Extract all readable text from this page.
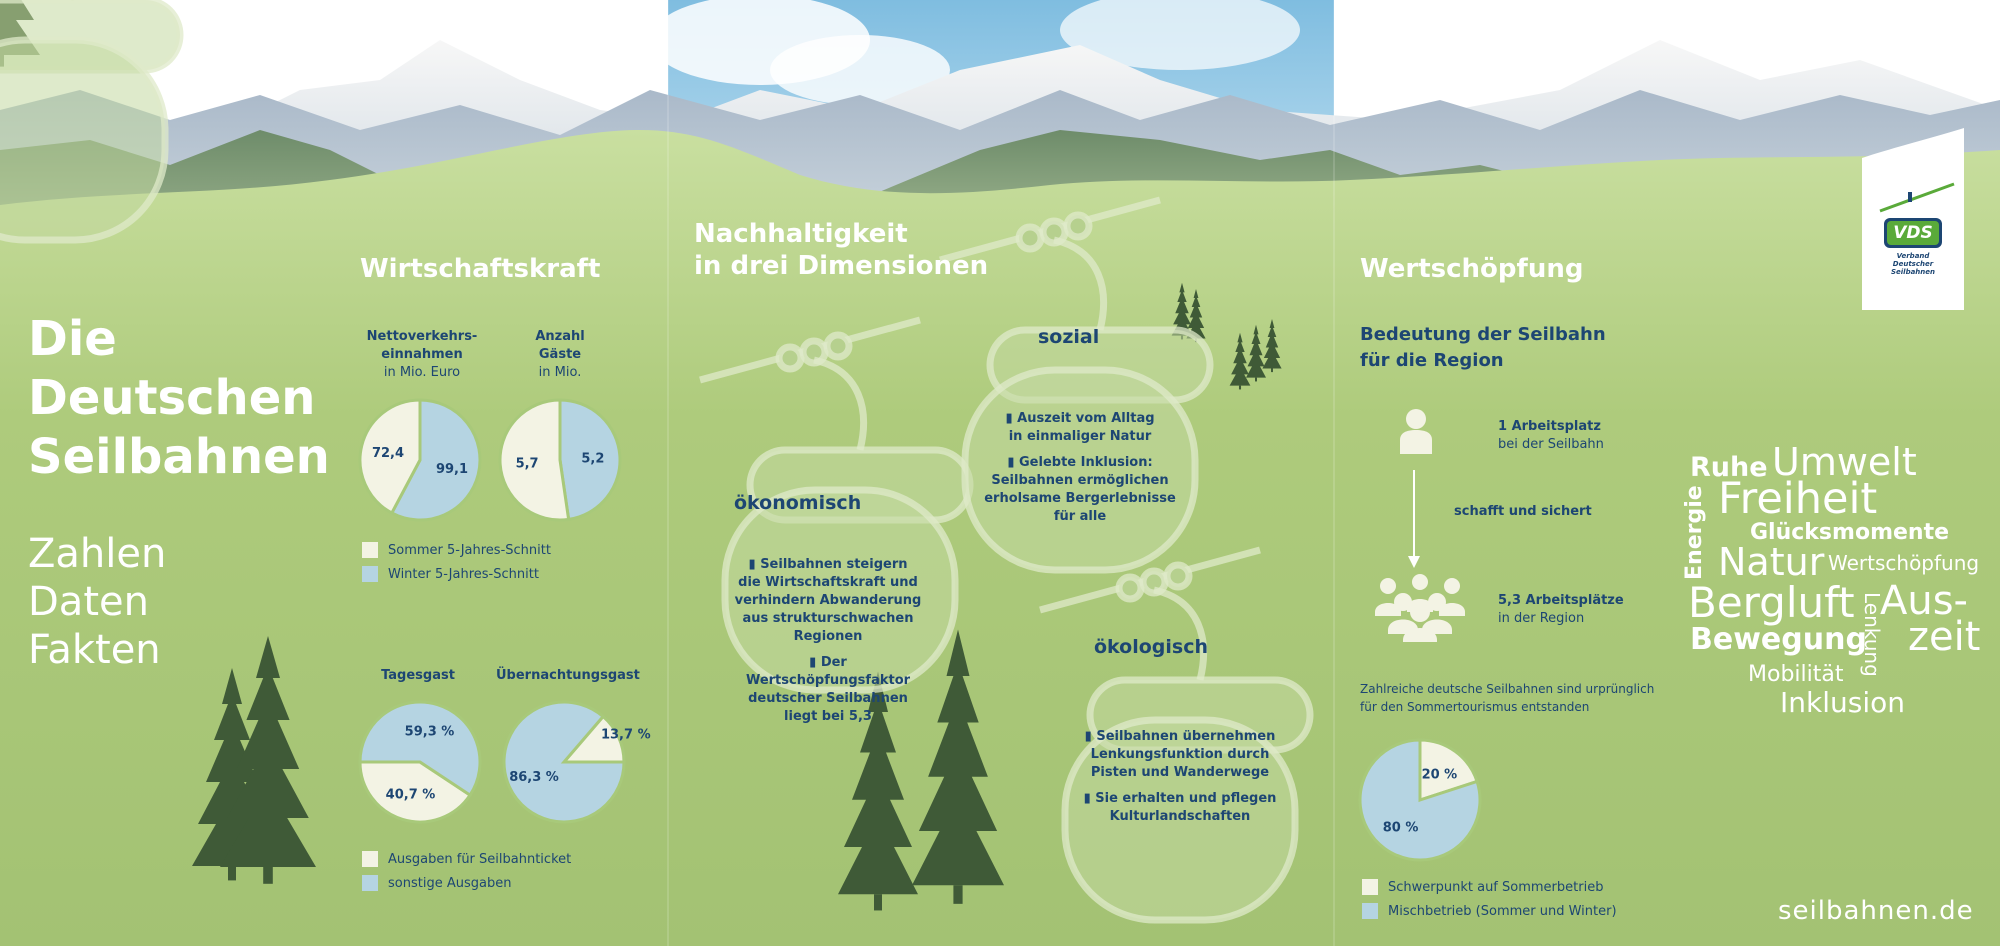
Die
Deutschen
Seilbahnen
Zahlen
Daten
Fakten
Wirtschaftskraft
Nettoverkehrs-
einnahmen
in Mio. Euro
Anzahl
Gäste
in Mio.
99,1
72,4	5,2
5,7
40,7 %
59,3 %	13,7 %
86,3 %
Sommer 5-Jahres-Schnitt
Winter 5-Jahres-Schnitt
Tagesgast	Übernachtungsgast
Ausgaben für Seilbahnticket
sonstige Ausgaben
Nachhaltigkeit
in drei Dimensionen
sozial
▮ Auszeit vom Alltag
in einmaliger Natur
▮ Gelebte Inklusion:
Seilbahnen ermöglichen
erholsame Bergerlebnisse
für alle
ökonomisch
▮ Seilbahnen steigern
die Wirtschaftskraft und
verhindern Abwanderung
aus strukturschwachen
Regionen
▮ Der Wertschöpfungsfaktor
deutscher Seilbahnen
liegt bei 5,3
ökologisch
▮ Seilbahnen übernehmen
Lenkungsfunktion durch
Pisten und Wanderwege
▮ Sie erhalten und pflegen
Kulturlandschaften
Wertschöpfung
Bedeutung der Seilbahn
für die Region
1 Arbeitsplatz
bei der Seilbahn
schafft und sichert
5,3 Arbeitsplätze
in der Region
Zahlreiche deutsche Seilbahnen sind urprünglich
für den Sommertourismus entstanden
20 %
80 %
Schwerpunkt auf Sommerbetrieb
Mischbetrieb (Sommer und Winter)
VDS
Verband
Deutscher
Seilbahnen
Ruhe Umwelt
Energie Freiheit
Glücksmomente
Natur Wertschöpfung
Bergluft Lenkung
Aus-
zeit
Bewegung
Mobilität
Inklusion
seilbahnen.de
